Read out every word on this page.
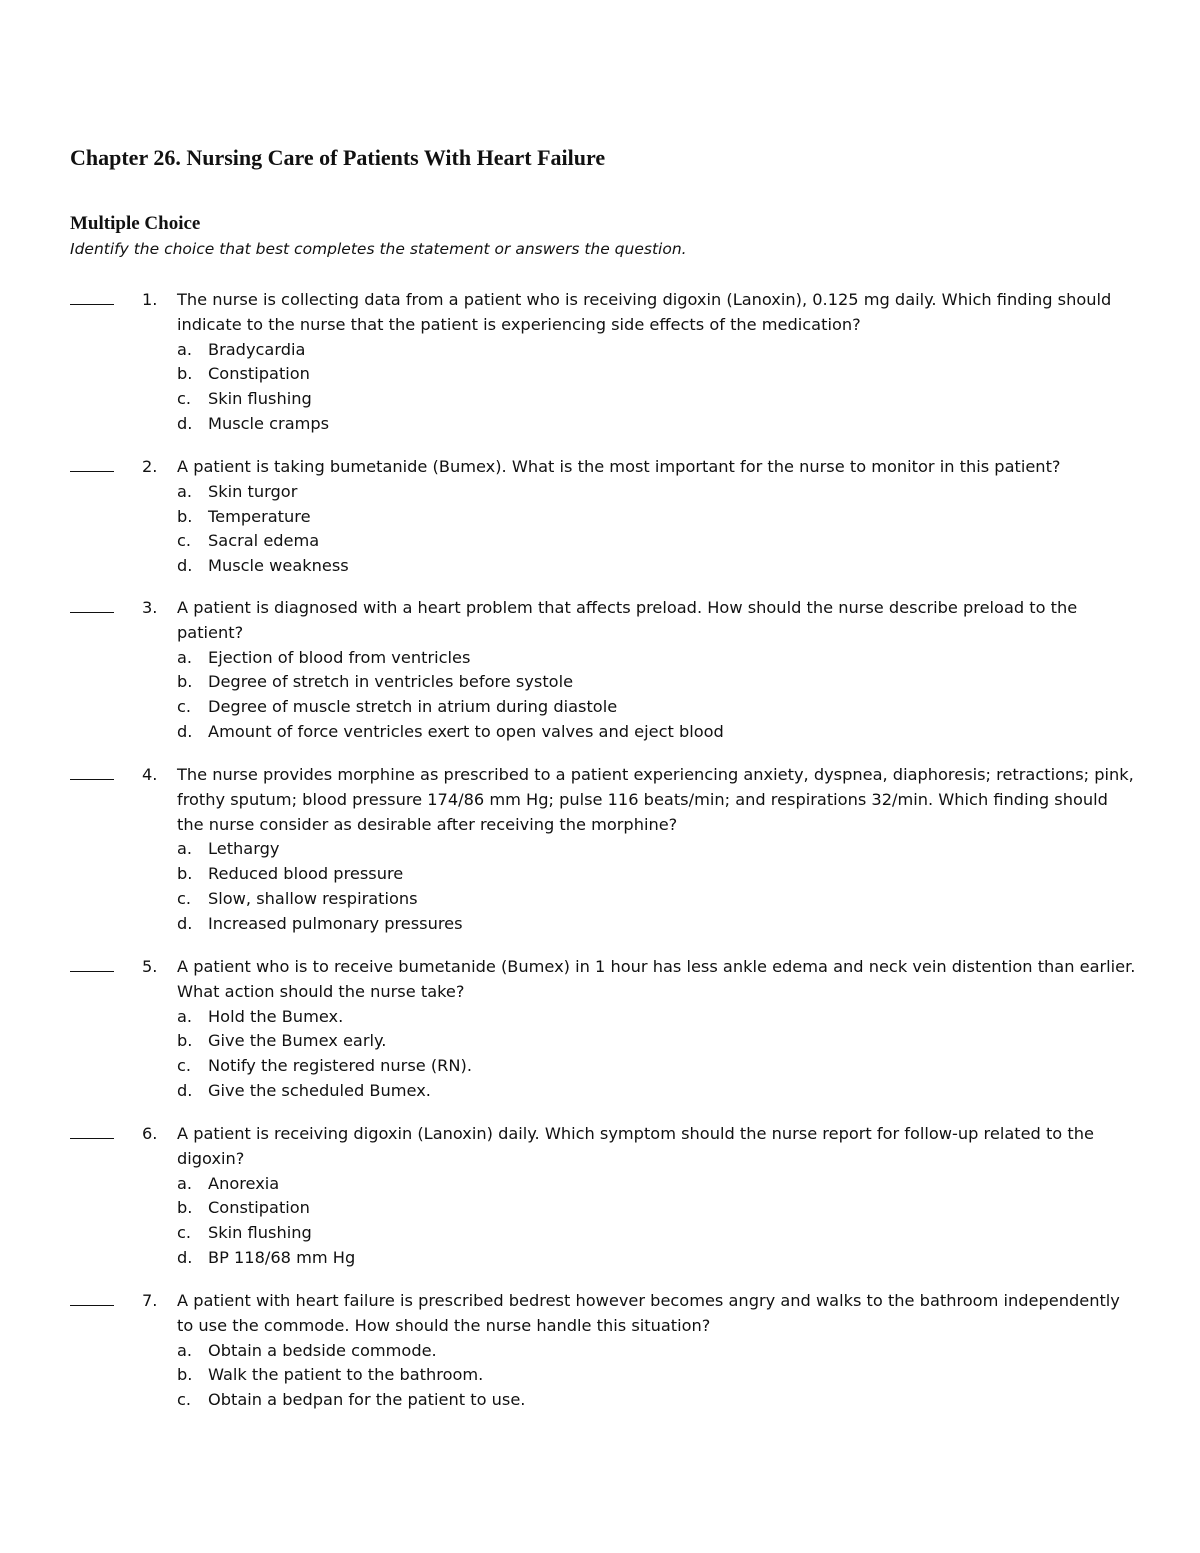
Chapter 26. Nursing Care of Patients With Heart Failure
Multiple Choice
Identify the choice that best completes the statement or answers the question.
1.	The nurse is collecting data from a patient who is receiving digoxin (Lanoxin), 0.125 mg daily. Which finding should indicate to the nurse that the patient is experiencing side effects of the medication?
a. Bradycardia
b. Constipation
c. Skin flushing
d. Muscle cramps
2.	A patient is taking bumetanide (Bumex). What is the most important for the nurse to monitor in this patient?
a. Skin turgor
b. Temperature
c. Sacral edema
d. Muscle weakness
3.	A patient is diagnosed with a heart problem that affects preload. How should the nurse describe preload to the patient?
a. Ejection of blood from ventricles
b. Degree of stretch in ventricles before systole
c. Degree of muscle stretch in atrium during diastole
d. Amount of force ventricles exert to open valves and eject blood
4.	The nurse provides morphine as prescribed to a patient experiencing anxiety, dyspnea, diaphoresis; retractions; pink, frothy sputum; blood pressure 174/86 mm Hg; pulse 116 beats/min; and respirations 32/min. Which finding should the nurse consider as desirable after receiving the morphine?
a. Lethargy
b. Reduced blood pressure
c. Slow, shallow respirations
d. Increased pulmonary pressures
5.	A patient who is to receive bumetanide (Bumex) in 1 hour has less ankle edema and neck vein distention than earlier. What action should the nurse take?
a. Hold the Bumex.
b. Give the Bumex early.
c. Notify the registered nurse (RN).
d. Give the scheduled Bumex.
6.	A patient is receiving digoxin (Lanoxin) daily. Which symptom should the nurse report for follow-up related to the digoxin?
a. Anorexia
b. Constipation
c. Skin flushing
d. BP 118/68 mm Hg
7.	A patient with heart failure is prescribed bedrest however becomes angry and walks to the bathroom independently to use the commode. How should the nurse handle this situation?
a. Obtain a bedside commode.
b. Walk the patient to the bathroom.
c. Obtain a bedpan for the patient to use.
